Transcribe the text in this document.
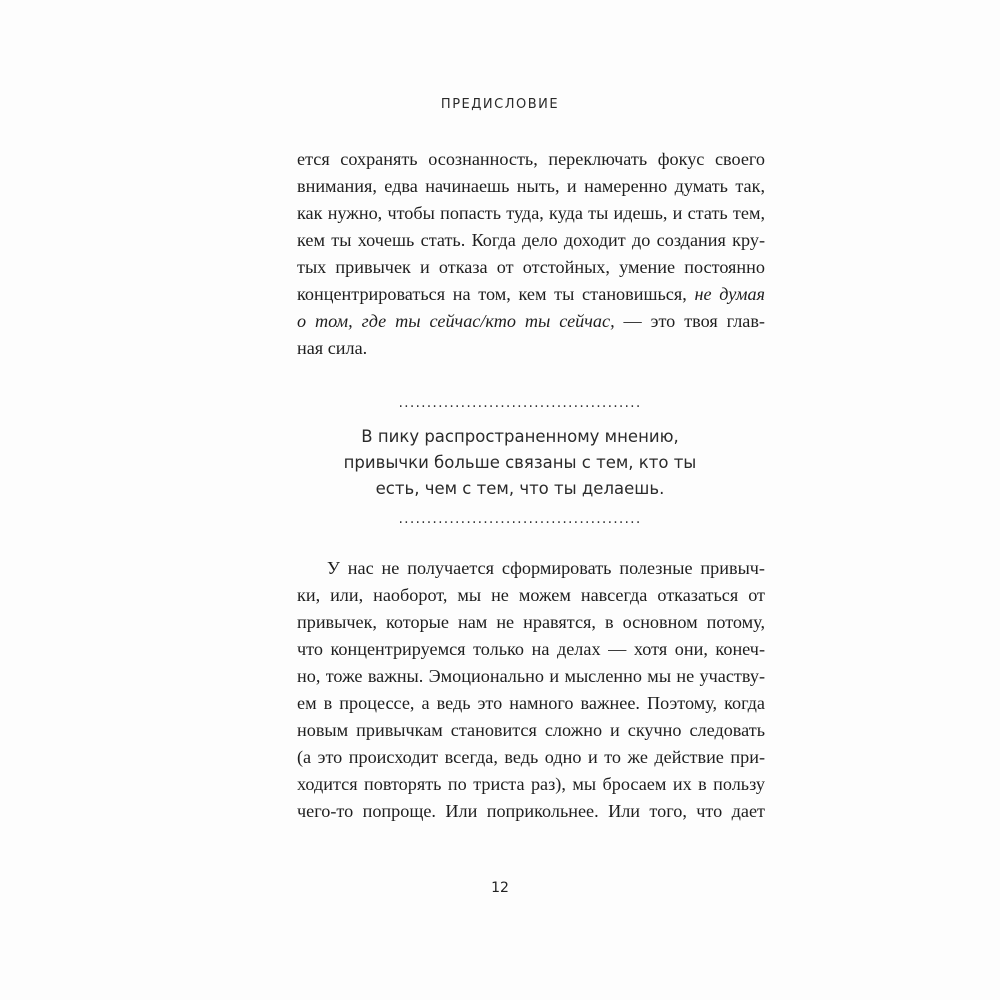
ПРЕДИСЛОВИЕ
ется сохранять осознанность, переключать фокус своего
внимания, едва начинаешь ныть, и намеренно думать так,
как нужно, чтобы попасть туда, куда ты идешь, и стать тем,
кем ты хочешь стать. Когда дело доходит до создания кру-
тых привычек и отказа от отстойных, умение постоянно
концентрироваться на том, кем ты становишься, не думая
о том, где ты сейчас/кто ты сейчас, — это твоя глав-
ная сила.
...........................................
В пику распространенному мнению,
привычки больше связаны с тем, кто ты
есть, чем с тем, что ты делаешь.
...........................................
У нас не получается сформировать полезные привыч-
ки, или, наоборот, мы не можем навсегда отказаться от
привычек, которые нам не нравятся, в основном потому,
что концентрируемся только на делах — хотя они, конеч-
но, тоже важны. Эмоционально и мысленно мы не участву-
ем в процессе, а ведь это намного важнее. Поэтому, когда
новым привычкам становится сложно и скучно следовать
(а это происходит всегда, ведь одно и то же действие при-
ходится повторять по триста раз), мы бросаем их в пользу
чего-то попроще. Или поприкольнее. Или того, что дает
12
